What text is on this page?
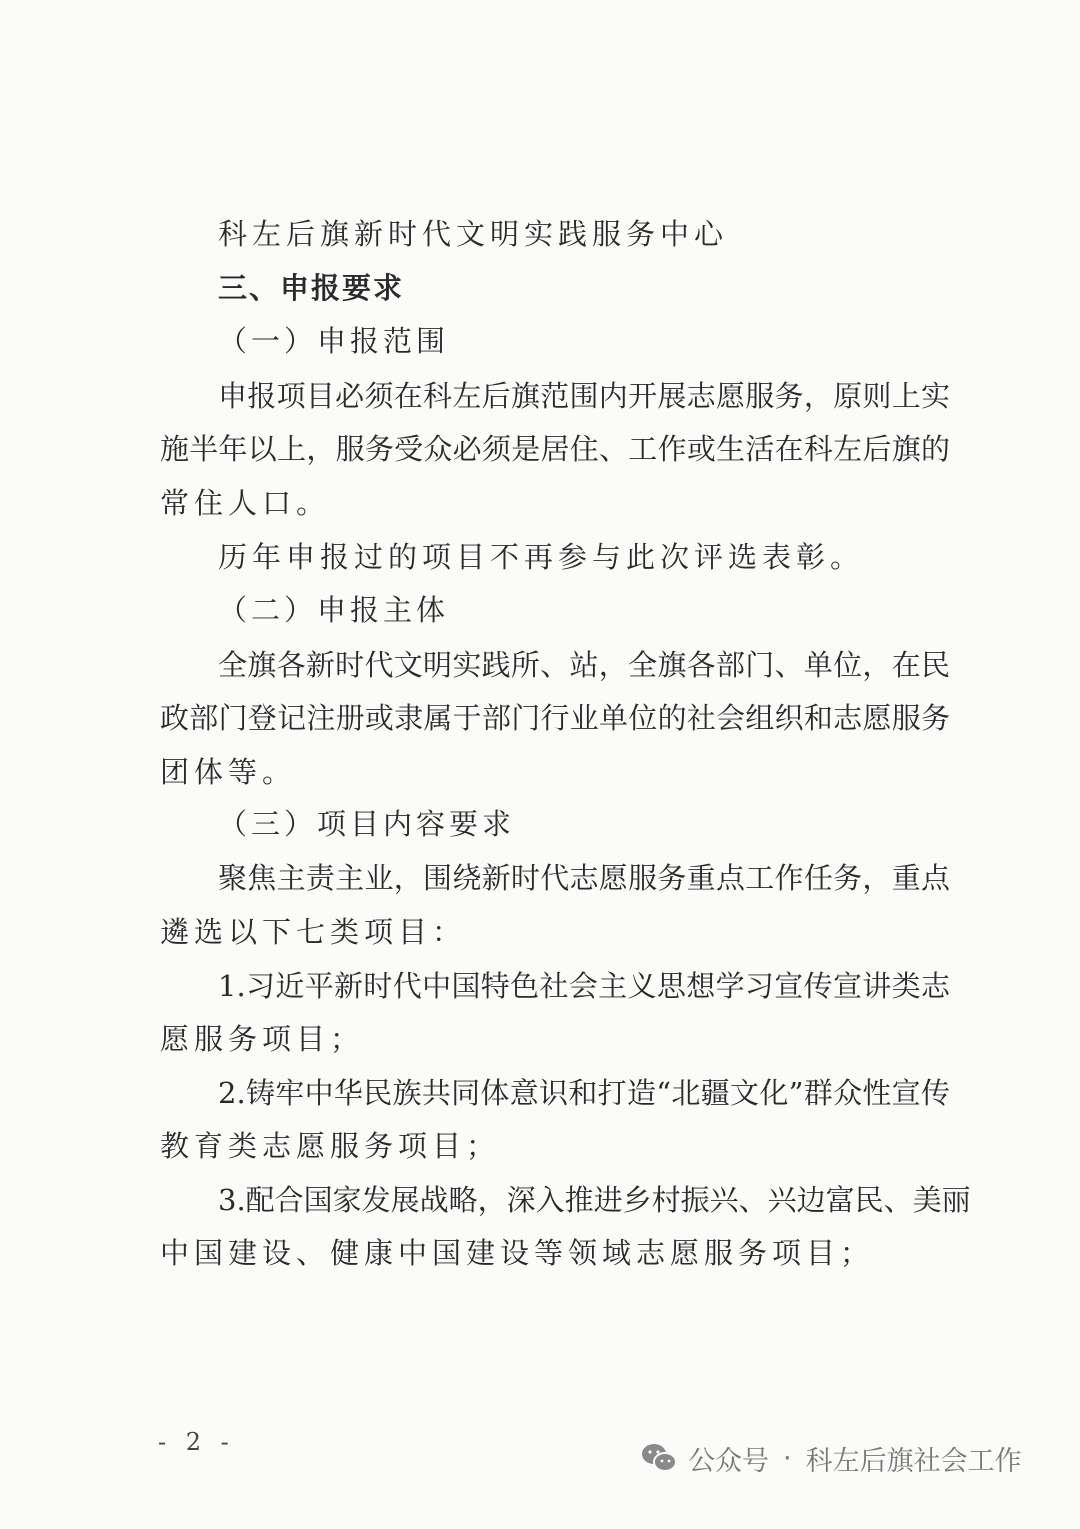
科左后旗新时代文明实践服务中心
三、申报要求
（一）申报范围
申报项目必须在科左后旗范围内开展志愿服务，原则上实
施半年以上，服务受众必须是居住、工作或生活在科左后旗的
常住人口。
历年申报过的项目不再参与此次评选表彰。
（二）申报主体
全旗各新时代文明实践所、站，全旗各部门、单位，在民
政部门登记注册或隶属于部门行业单位的社会组织和志愿服务
团体等。
（三）项目内容要求
聚焦主责主业，围绕新时代志愿服务重点工作任务，重点
遴选以下七类项目：
1.习近平新时代中国特色社会主义思想学习宣传宣讲类志
愿服务项目；
2.铸牢中华民族共同体意识和打造“北疆文化”群众性宣传
教育类志愿服务项目；
3.配合国家发展战略，深入推进乡村振兴、兴边富民、美丽
中国建设、健康中国建设等领域志愿服务项目；
- 2 -
公众号 · 科左后旗社会工作
